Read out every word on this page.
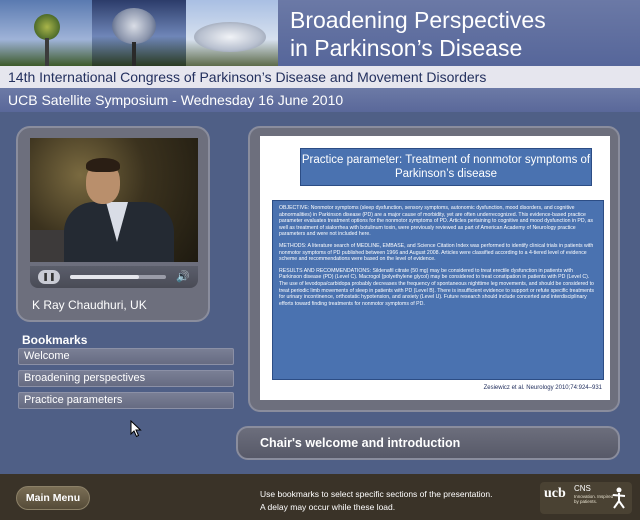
Broadening Perspectives
in Parkinson’s Disease
14th International Congress of Parkinson’s Disease and Movement Disorders
UCB Satellite Symposium - Wednesday 16 June 2010
❚❚	🔊
K Ray Chaudhuri, UK
Bookmarks
Welcome
Broadening perspectives
Practice parameters
Practice parameter: Treatment of nonmotor symptoms of Parkinson’s disease

OBJECTIVE: Nonmotor symptoms (sleep dysfunction, sensory symptoms, autonomic dysfunction, mood disorders, and cognitive abnormalities) in Parkinson disease (PD) are a major cause of morbidity, yet are often underrecognized. This evidence-based practice parameter evaluates treatment options for the nonmotor symptoms of PD. Articles pertaining to cognitive and mood dysfunction in PD, as well as treatment of sialorrhea with botulinum toxin, were previously reviewed as part of American Academy of Neurology practice parameters and were not included here.

METHODS: A literature search of MEDLINE, EMBASE, and Science Citation Index was performed to identify clinical trials in patients with nonmotor symptoms of PD published between 1966 and August 2008. Articles were classified according to a 4-tiered level of evidence scheme and recommendations were based on the level of evidence.

RESULTS AND RECOMMENDATIONS: Sildenafil citrate (50 mg) may be considered to treat erectile dysfunction in patients with Parkinson disease (PD) (Level C). Macrogol (polyethylene glycol) may be considered to treat constipation in patients with PD (Level C). The use of levodopa/carbidopa probably decreases the frequency of spontaneous nighttime leg movements, and should be considered to treat periodic limb movements of sleep in patients with PD (Level B). There is insufficient evidence to support or refute specific treatments for urinary incontinence, orthostatic hypotension, and anxiety (Level U). Future research should include concerted and interdisciplinary efforts toward finding treatments for nonmotor symptoms of PD.

Zesiewicz et al. Neurology 2010;74:924–931
Chair's welcome and introduction
Main Menu	Use bookmarks to select specific sections of the presentation.
A delay may occur while these load.
ucb CNS
Innovation. Inspired by patients.
